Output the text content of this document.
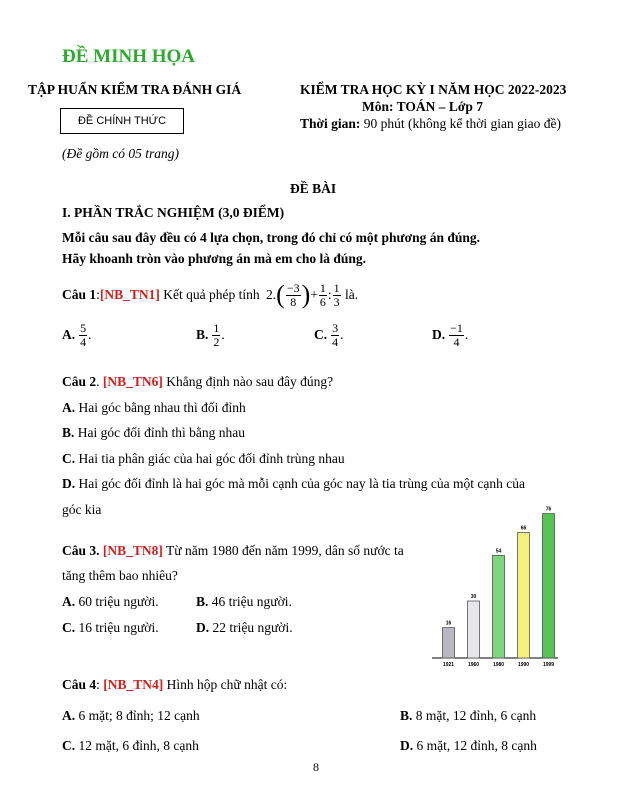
ĐỀ MINH HỌA
TẬP HUẤN KIỂM TRA ĐÁNH GIÁ	KIỂM TRA HỌC KỲ I NĂM HỌC 2022-2023
Môn: TOÁN – Lớp 7
Thời gian: 90 phút (không kể thời gian giao đề)
ĐỀ CHÍNH THỨC
(Đề gồm có 05 trang)
ĐỀ BÀI
I. PHẦN TRẮC NGHIỆM (3,0 ĐIỂM)
Mỗi câu sau đây đều có 4 lựa chọn, trong đó chỉ có một phương án đúng.
Hãy khoanh tròn vào phương án mà em cho là đúng.
Câu 1 : [NB_TN1] Kết quả phép tính 2. ( $\frac{-3}{8}$ ) + $\frac{1}{6}$ : $\frac{1}{3}$ là.
A. $\frac{5}{4}$ .	B. $\frac{1}{2}$ .	C. $\frac{3}{4}$ .	D. $\frac{-1}{4}$ .
Câu 2. [NB_TN6] Khẳng định nào sau đây đúng?
A. Hai góc bằng nhau thì đối đỉnh
B. Hai góc đối đỉnh thì bằng nhau
C. Hai tia phân giác của hai góc đối đỉnh trùng nhau
D. Hai góc đối đỉnh là hai góc mà mỗi cạnh của góc nay là tia trùng của một cạnh của
góc kia
Câu 3. [NB_TN8] Từ năm 1980 đến năm 1999, dân số nước ta
tăng thêm bao nhiêu?
A. 60 triệu người.	B. 46 triệu người.
C. 16 triệu người.	D. 22 triệu người.	16
1921
30
1960
54
1980
66
1990
76
1999
Câu 4: [NB_TN4] Hình hộp chữ nhật có:
A. 6 mặt; 8 đỉnh; 12 cạnh	B. 8 mặt, 12 đỉnh, 6 cạnh
C. 12 mặt, 6 đỉnh, 8 cạnh	D. 6 mặt, 12 đỉnh, 8 cạnh
8
